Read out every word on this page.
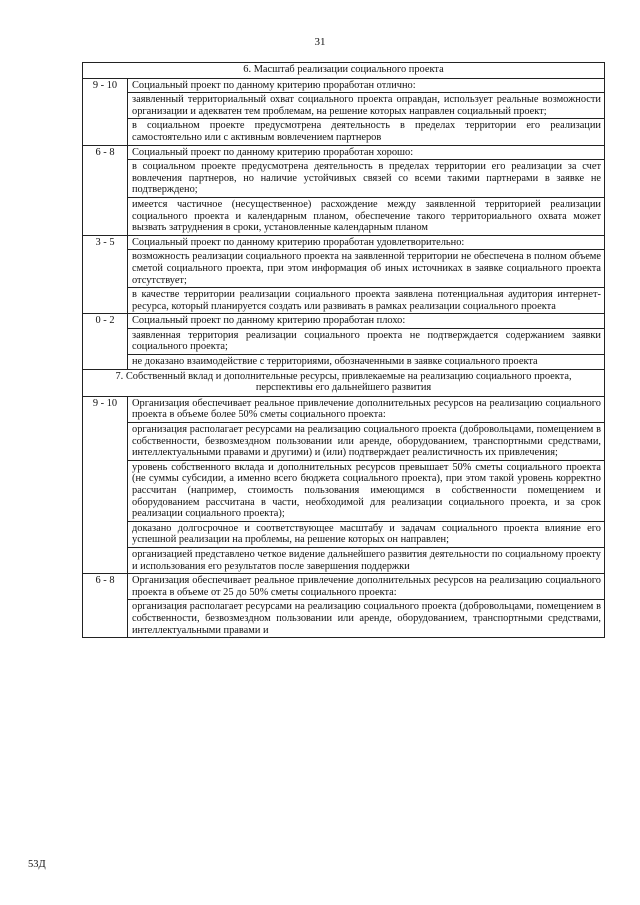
31
6. Масштаб реализации социального проекта	
9 - 10	Социальный проект по данному критерию проработан отлично:
	заявленный территориальный охват социального проекта оправдан, использует реальные возможности организации и адекватен тем проблемам, на решение которых направлен социальный проект;
	в социальном проекте предусмотрена деятельность в пределах территории его реализации самостоятельно или с активным вовлечением партнеров
6 - 8	Социальный проект по данному критерию проработан хорошо:
	в социальном проекте предусмотрена деятельность в пределах территории его реализации за счет вовлечения партнеров, но наличие устойчивых связей со всеми такими партнерами в заявке не подтверждено;
	имеется частичное (несущественное) расхождение между заявленной территорией реализации социального проекта и календарным планом, обеспечение такого территориального охвата может вызвать затруднения в сроки, установленные календарным планом
3 - 5	Социальный проект по данному критерию проработан удовлетворительно:
	возможность реализации социального проекта на заявленной территории не обеспечена в полном объеме сметой социального проекта, при этом информация об иных источниках в заявке социального проекта отсутствует;
	в качестве территории реализации социального проекта заявлена потенциальная аудитория интернет-ресурса, который планируется создать или развивать в рамках реализации социального проекта
0 - 2	Социальный проект по данному критерию проработан плохо:
	заявленная территория реализации социального проекта не подтверждается содержанием заявки социального проекта;
	не доказано взаимодействие с территориями, обозначенными в заявке социального проекта
7. Собственный вклад и дополнительные ресурсы, привлекаемые на реализацию социального проекта, перспективы его дальнейшего развития	
9 - 10	Организация обеспечивает реальное привлечение дополнительных ресурсов на реализацию социального проекта в объеме более 50% сметы социального проекта:
	организация располагает ресурсами на реализацию социального проекта (добровольцами, помещением в собственности, безвозмездном пользовании или аренде, оборудованием, транспортными средствами, интеллектуальными правами и другими) и (или) подтверждает реалистичность их привлечения;
	уровень собственного вклада и дополнительных ресурсов превышает 50% сметы социального проекта (не суммы субсидии, а именно всего бюджета социального проекта), при этом такой уровень корректно рассчитан (например, стоимость пользования имеющимся в собственности помещением и оборудованием рассчитана в части, необходимой для реализации социального проекта, и за срок реализации социального проекта);
	доказано долгосрочное и соответствующее масштабу и задачам социального проекта влияние его успешной реализации на проблемы, на решение которых он направлен;
	организацией представлено четкое видение дальнейшего развития деятельности по социальному проекту и использования его результатов после завершения поддержки
6 - 8	Организация обеспечивает реальное привлечение дополнительных ресурсов на реализацию социального проекта в объеме от 25 до 50% сметы социального проекта:
	организация располагает ресурсами на реализацию социального проекта (добровольцами, помещением в собственности, безвозмездном пользовании или аренде, оборудованием, транспортными средствами, интеллектуальными правами и
53Д
